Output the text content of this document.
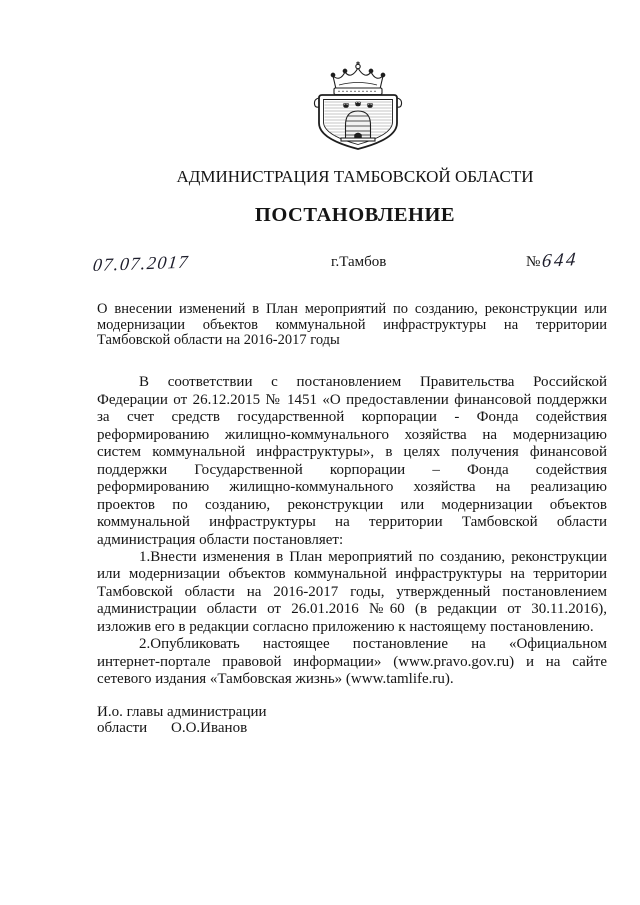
АДМИНИСТРАЦИЯ ТАМБОВСКОЙ ОБЛАСТИ
ПОСТАНОВЛЕНИЕ
07.07.2017	г.Тамбов	№ 644
О внесении изменений в План мероприятий по созданию, реконструкции или
модернизации объектов коммунальной инфраструктуры на территории
Тамбовской области на 2016-2017 годы
В соответствии с постановлением Правительства Российской
Федерации от 26.12.2015 № 1451 «О предоставлении финансовой поддержки
за счет средств государственной корпорации - Фонда содействия
реформированию жилищно-коммунального хозяйства на модернизацию
систем коммунальной инфраструктуры», в целях получения финансовой
поддержки Государственной корпорации – Фонда содействия
реформированию жилищно-коммунального хозяйства на реализацию
проектов по созданию, реконструкции или модернизации объектов
коммунальной инфраструктуры на территории Тамбовской области
администрация области постановляет:
1.Внести изменения в План мероприятий по созданию, реконструкции
или модернизации объектов коммунальной инфраструктуры на территории
Тамбовской области на 2016-2017 годы, утвержденный постановлением
администрации области от 26.01.2016 №60 (в редакции от 30.11.2016),
изложив его в редакции согласно приложению к настоящему постановлению.
2.Опубликовать настоящее постановление на «Официальном
интернет-портале правовой информации» (www.pravo.gov.ru) и на сайте
сетевого издания «Тамбовская жизнь» (www.tamlife.ru).
И.о. главы администрации
области О.О.Иванов
